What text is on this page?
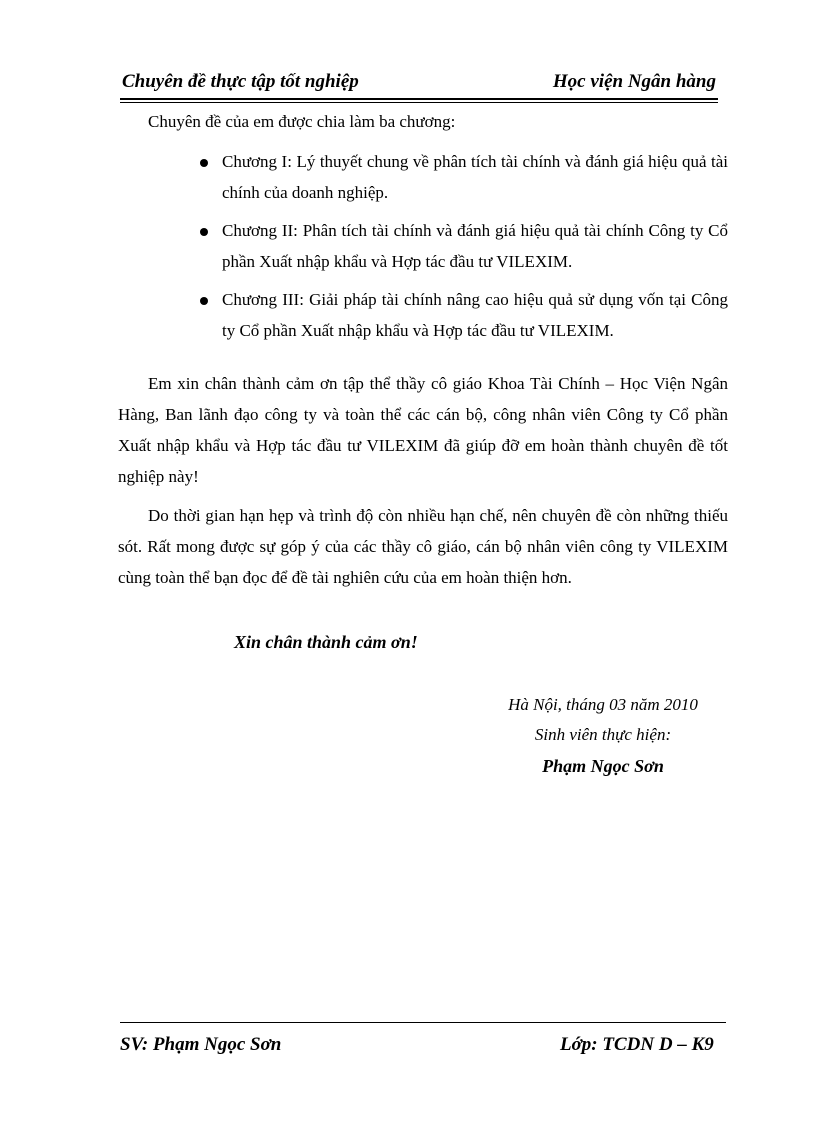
Chuyên đề thực tập tốt nghiệp	Học viện Ngân hàng
Chuyên đề của em được chia làm ba chương:
Chương I: Lý thuyết chung về phân tích tài chính và đánh giá hiệu quả tài chính của doanh nghiệp.
Chương II: Phân tích tài chính và đánh giá hiệu quả tài chính Công ty Cổ phần Xuất nhập khẩu và Hợp tác đầu tư VILEXIM.
Chương III: Giải pháp tài chính nâng cao hiệu quả sử dụng vốn tại Công ty Cổ phần Xuất nhập khẩu và Hợp tác đầu tư VILEXIM.
Em xin chân thành cảm ơn tập thể thầy cô giáo Khoa Tài Chính – Học Viện Ngân Hàng, Ban lãnh đạo công ty và toàn thể các cán bộ, công nhân viên Công ty Cổ phần Xuất nhập khẩu và Hợp tác đầu tư VILEXIM đã giúp đỡ em hoàn thành chuyên đề tốt nghiệp này!
Do thời gian hạn hẹp và trình độ còn nhiều hạn chế, nên chuyên đề còn những thiếu sót. Rất mong được sự góp ý của các thầy cô giáo, cán bộ nhân viên công ty VILEXIM cùng toàn thể bạn đọc để đề tài nghiên cứu của em hoàn thiện hơn.
Xin chân thành cảm ơn!
Hà Nội, tháng 03 năm 2010
Sinh viên thực hiện:
Phạm Ngọc Sơn
SV: Phạm Ngọc Sơn	Lớp: TCDN D – K9
